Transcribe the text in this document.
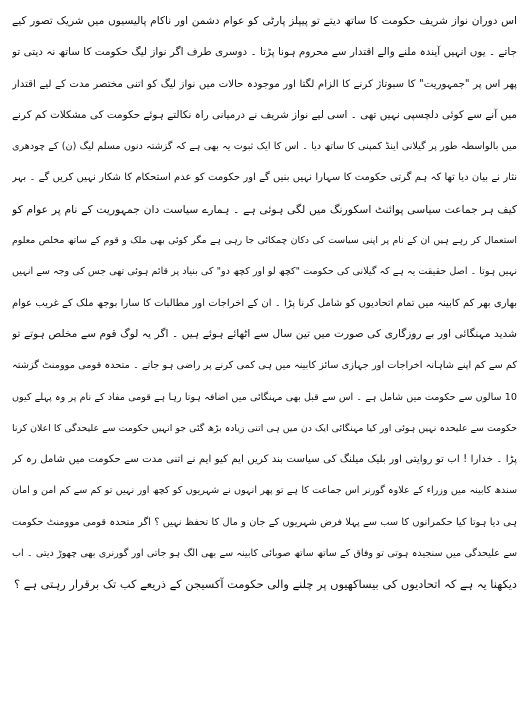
اس دوران نواز شریف حکومت کا ساتھ دیتے تو پیپلز پارٹی کو عوام دشمن اور ناکام پالیسیوں میں شریک تصور کیے
جاتے ۔ یوں انہیں آیندہ ملنے والے اقتدار سے محروم ہونا پڑتا ۔ دوسری طرف اگر نواز لیگ حکومت کا ساتھ نہ دیتی تو
پھر اس پر "جمہوریت" کا سبوتاژ کرنے کا الزام لگتا اور موجودہ حالات میں نواز لیگ کو اتنی مختصر مدت کے لیے اقتدار
میں آنے سے کوئی دلچسپی نہیں تھی ۔ اسی لیے نواز شریف نے درمیانی راہ نکالتے ہوئے حکومت کی مشکلات کم کرنے
میں بالواسطہ طور پر گیلانی اینڈ کمپنی کا ساتھ دیا ۔ اس کا ایک ثبوت یہ بھی ہے کہ گزشتہ دنوں مسلم لیگ (ن) کے چودھری
نثار نے بیان دیا تھا کہ ہم گرتی حکومت کا سہارا نہیں بنیں گے اور حکومت کو عدم استحکام کا شکار نہیں کریں گے ۔ بہر
کیف ہر جماعت سیاسی پوائنٹ اسکورنگ میں لگی ہوئی ہے ۔ ہمارے سیاست دان جمہوریت کے نام پر عوام کو
استعمال کر رہے ہیں ان کے نام پر اپنی سیاست کی دکان چمکائی جا رہی ہے مگر کوئی بھی ملک و قوم کے ساتھ مخلص معلوم
نہیں ہوتا ۔ اصل حقیقت یہ ہے کہ گیلانی کی حکومت "کچھ لو اور کچھ دو" کی بنیاد پر قائم ہوئی تھی جس کی وجہ سے انہیں
بھاری بھر کم کابینہ میں تمام اتحادیوں کو شامل کرنا پڑا ۔ ان کے اخراجات اور مطالبات کا سارا بوجھ ملک کے غریب عوام
شدید مہنگائی اور بے روزگاری کی صورت میں تین سال سے اٹھائے ہوئے ہیں ۔ اگر یہ لوگ قوم سے مخلص ہوتے تو
کم سے کم اپنے شاہانہ اخراجات اور جہازی سائز کابینہ میں ہی کمی کرنے پر راضی ہو جاتے ۔ متحدہ قومی موومنٹ گزشتہ
10 سالوں سے حکومت میں شامل ہے ۔ اس سے قبل بھی مہنگائی میں اضافہ ہوتا رہا ہے قومی مفاد کے نام پر وہ پہلے کیوں
حکومت سے علیحدہ نہیں ہوئی اور کیا مہنگائی ایک دن میں ہی اتنی زیادہ بڑھ گئی جو انہیں حکومت سے علیحدگی کا اعلان کرنا
پڑا ۔ خدارا ! اب تو روایتی اور بلیک میلنگ کی سیاست بند کریں ایم کیو ایم نے اتنی مدت سے حکومت میں شامل رہ کر
سندھ کابینہ میں وزراء کے علاوہ گورنر اس جماعت کا ہے تو پھر انہوں نے شہریوں کو کچھ اور نہیں تو کم سے کم امن و امان
ہی دیا ہوتا کیا حکمرانوں کا سب سے پہلا فرض شہریوں کے جان و مال کا تحفظ نہیں ؟ اگر متحدہ قومی موومنٹ حکومت
سے علیحدگی میں سنجیدہ ہوتی تو وفاق کے ساتھ ساتھ صوبائی کابینہ سے بھی الگ ہو جاتی اور گورنری بھی چھوڑ دیتی ۔ اب
دیکھنا یہ ہے کہ اتحادیوں کی بیساکھیوں پر چلنے والی حکومت آکسیجن کے ذریعے کب تک برقرار رہتی ہے ؟
